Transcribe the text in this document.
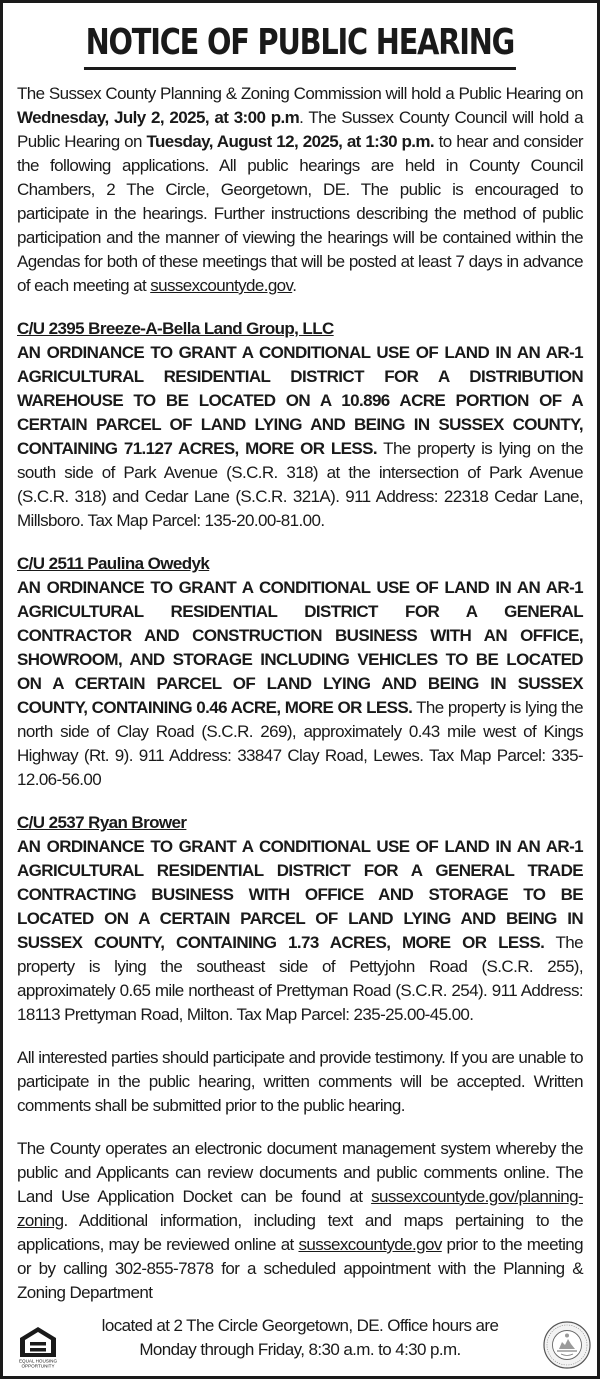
NOTICE OF PUBLIC HEARING

The Sussex County Planning & Zoning Commission will hold a Public Hearing on Wednesday, July 2, 2025, at 3:00 p.m. The Sussex County Council will hold a Public Hearing on Tuesday, August 12, 2025, at 1:30 p.m. to hear and consider the following applications. All public hearings are held in County Council Chambers, 2 The Circle, Georgetown, DE. The public is encouraged to participate in the hearings. Further instructions describing the method of public participation and the manner of viewing the hearings will be contained within the Agendas for both of these meetings that will be posted at least 7 days in advance of each meeting at sussexcountyde.gov.

C/U 2395 Breeze-A-Bella Land Group, LLC
AN ORDINANCE TO GRANT A CONDITIONAL USE OF LAND IN AN AR-1 AGRICULTURAL RESIDENTIAL DISTRICT FOR A DISTRIBUTION WAREHOUSE TO BE LOCATED ON A 10.896 ACRE PORTION OF A CERTAIN PARCEL OF LAND LYING AND BEING IN SUSSEX COUNTY, CONTAINING 71.127 ACRES, MORE OR LESS. The property is lying on the south side of Park Avenue (S.C.R. 318) at the intersection of Park Avenue (S.C.R. 318) and Cedar Lane (S.C.R. 321A). 911 Address: 22318 Cedar Lane, Millsboro. Tax Map Parcel: 135-20.00-81.00.

C/U 2511 Paulina Owedyk
AN ORDINANCE TO GRANT A CONDITIONAL USE OF LAND IN AN AR-1 AGRICULTURAL RESIDENTIAL DISTRICT FOR A GENERAL CONTRACTOR AND CONSTRUCTION BUSINESS WITH AN OFFICE, SHOWROOM, AND STORAGE INCLUDING VEHICLES TO BE LOCATED ON A CERTAIN PARCEL OF LAND LYING AND BEING IN SUSSEX COUNTY, CONTAINING 0.46 ACRE, MORE OR LESS. The property is lying the north side of Clay Road (S.C.R. 269), approximately 0.43 mile west of Kings Highway (Rt. 9). 911 Address: 33847 Clay Road, Lewes. Tax Map Parcel: 335-12.06-56.00

C/U 2537 Ryan Brower
AN ORDINANCE TO GRANT A CONDITIONAL USE OF LAND IN AN AR-1 AGRICULTURAL RESIDENTIAL DISTRICT FOR A GENERAL TRADE CONTRACTING BUSINESS WITH OFFICE AND STORAGE TO BE LOCATED ON A CERTAIN PARCEL OF LAND LYING AND BEING IN SUSSEX COUNTY, CONTAINING 1.73 ACRES, MORE OR LESS. The property is lying the southeast side of Pettyjohn Road (S.C.R. 255), approximately 0.65 mile northeast of Prettyman Road (S.C.R. 254). 911 Address: 18113 Prettyman Road, Milton. Tax Map Parcel: 235-25.00-45.00.

All interested parties should participate and provide testimony. If you are unable to participate in the public hearing, written comments will be accepted. Written comments shall be submitted prior to the public hearing.

The County operates an electronic document management system whereby the public and Applicants can review documents and public comments online. The Land Use Application Docket can be found at sussexcountyde.gov/planning-zoning. Additional information, including text and maps pertaining to the applications, may be reviewed online at sussexcountyde.gov prior to the meeting or by calling 302-855-7878 for a scheduled appointment with the Planning & Zoning Department

located at 2 The Circle Georgetown, DE. Office hours are
Monday through Friday, 8:30 a.m. to 4:30 p.m.
EQUAL HOUSING
OPPORTUNITY
